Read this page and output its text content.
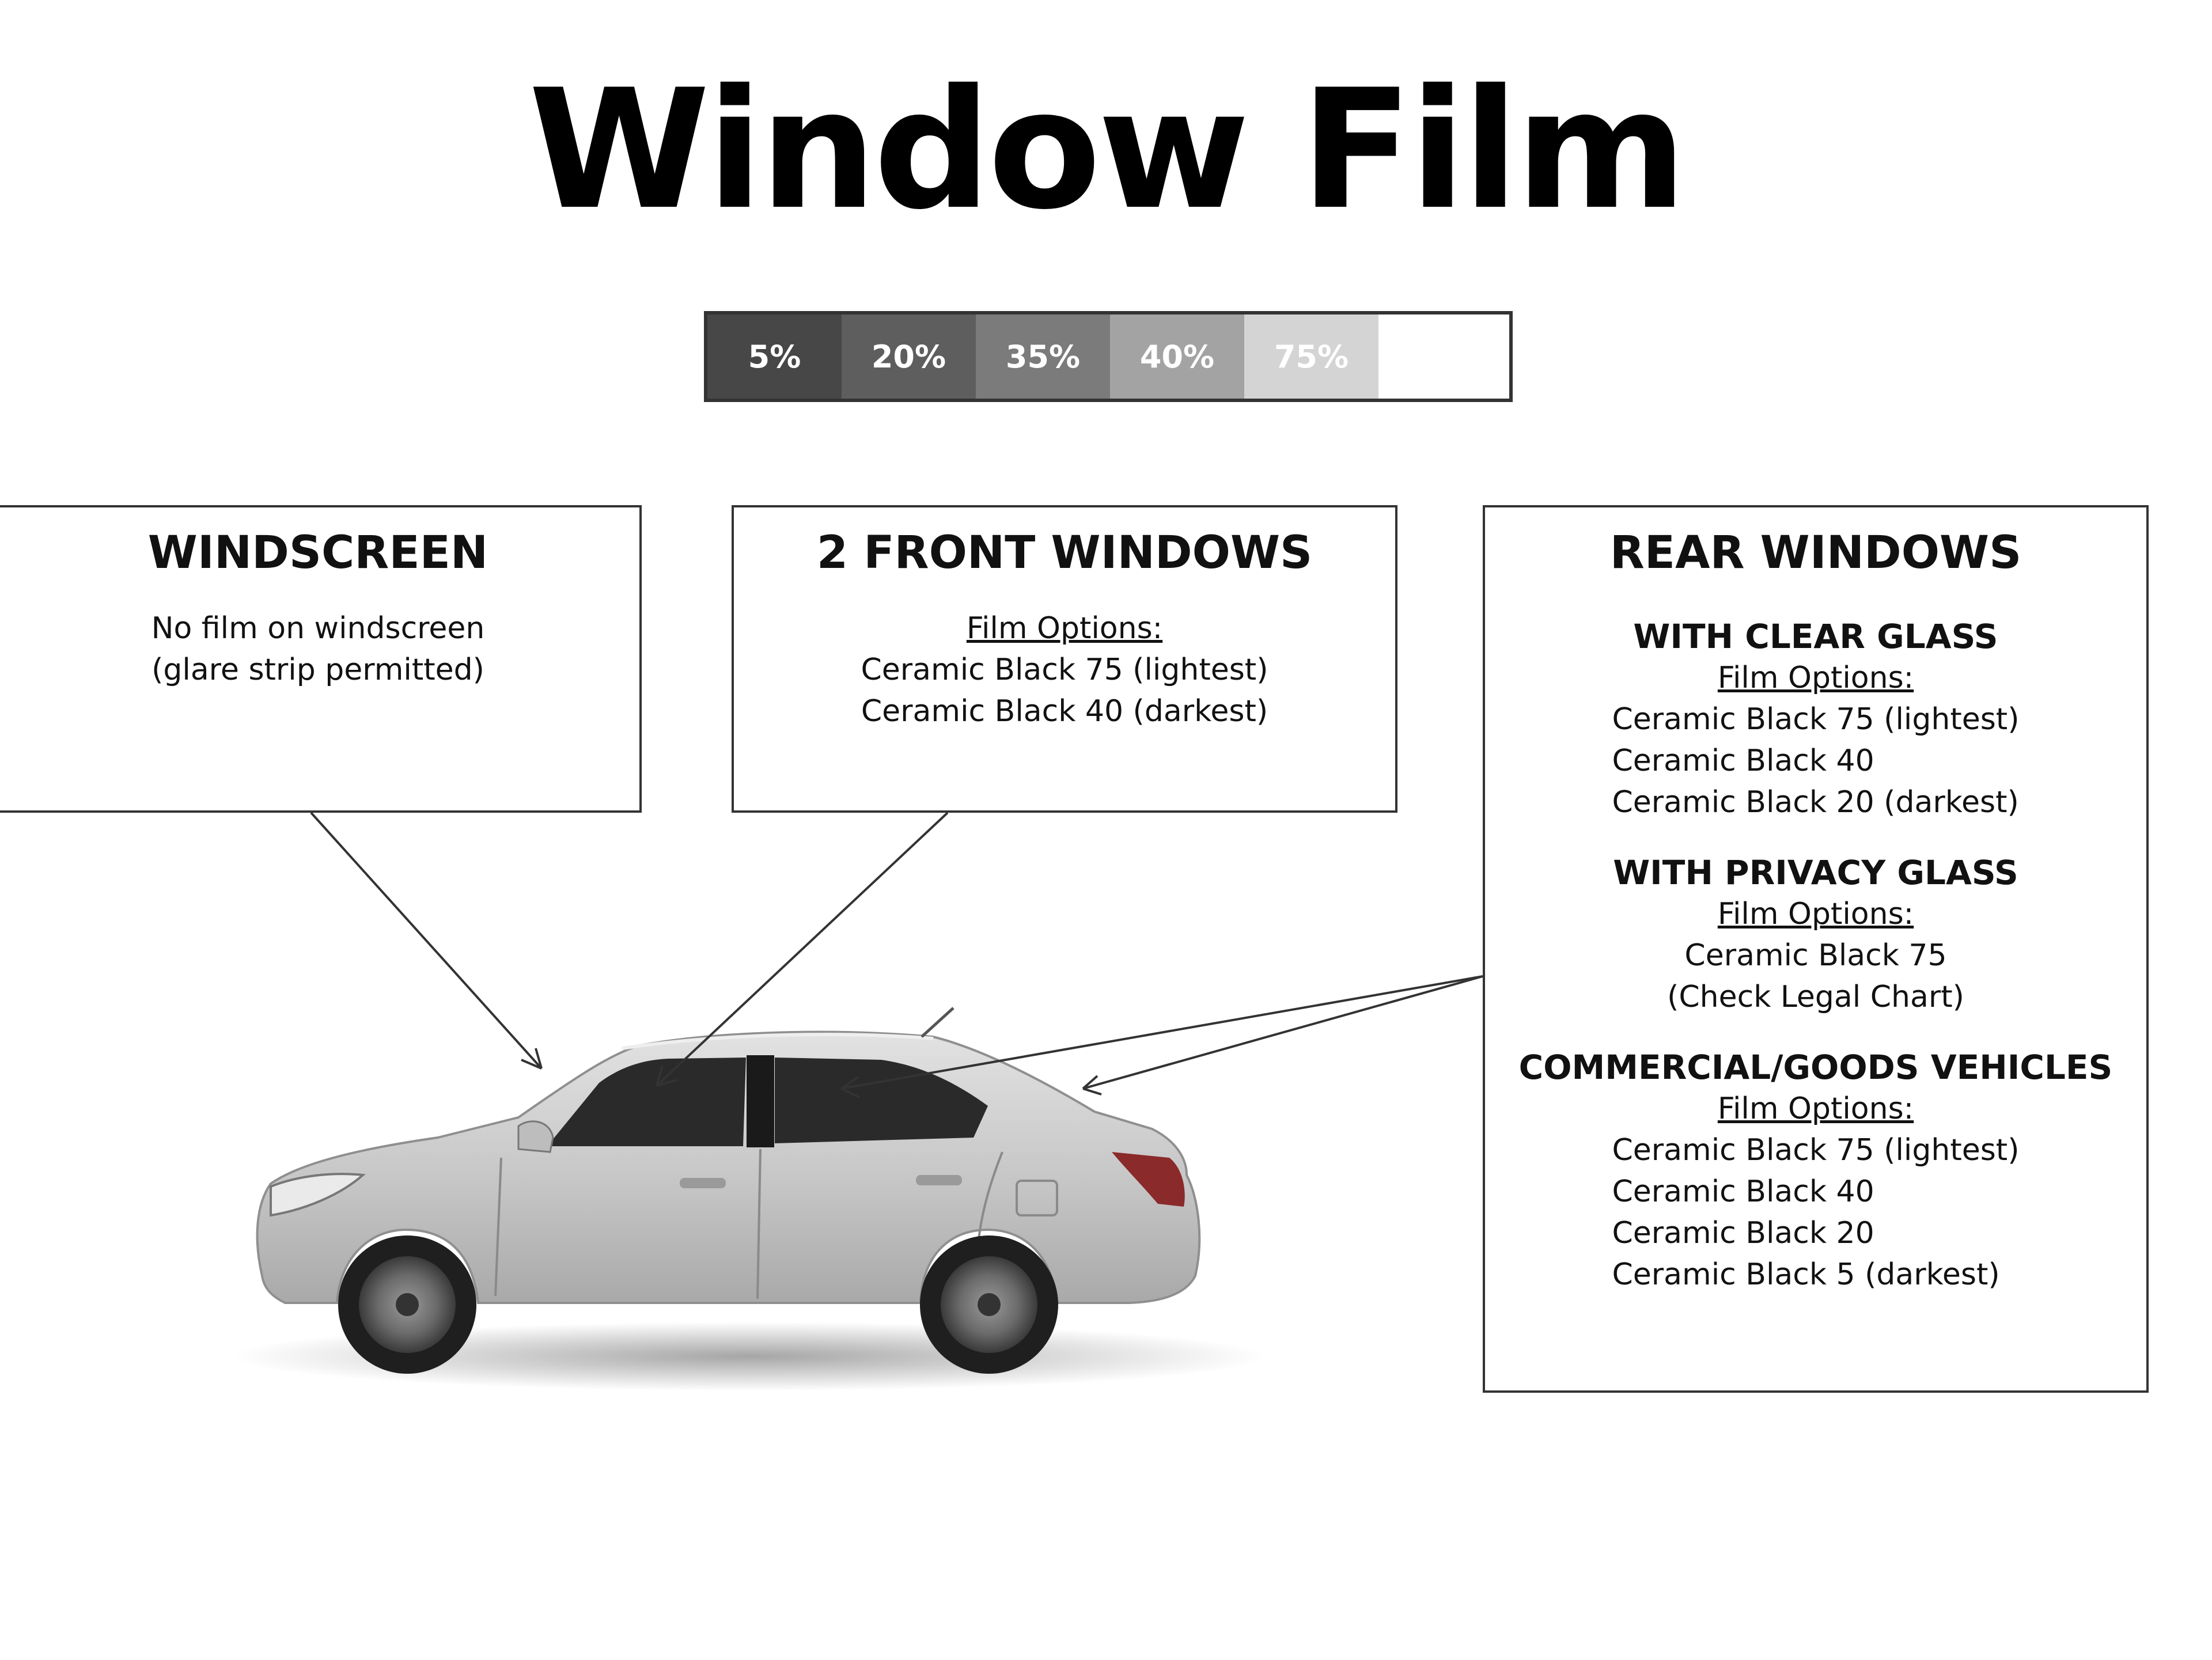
Window Film
5%	20%	35%	40%	75%
WINDSCREEN
No film on windscreen
(glare strip permitted)
2 FRONT WINDOWS
Film Options:
Ceramic Black 75 (lightest)
Ceramic Black 40 (darkest)
REAR WINDOWS
WITH CLEAR GLASS
Film Options:
Ceramic Black 75 (lightest)
Ceramic Black 40
Ceramic Black 20 (darkest)
WITH PRIVACY GLASS
Film Options:
Ceramic Black 75
(Check Legal Chart)
COMMERCIAL/GOODS VEHICLES
Film Options:
Ceramic Black 75 (lightest)
Ceramic Black 40
Ceramic Black 20
Ceramic Black 5 (darkest)
